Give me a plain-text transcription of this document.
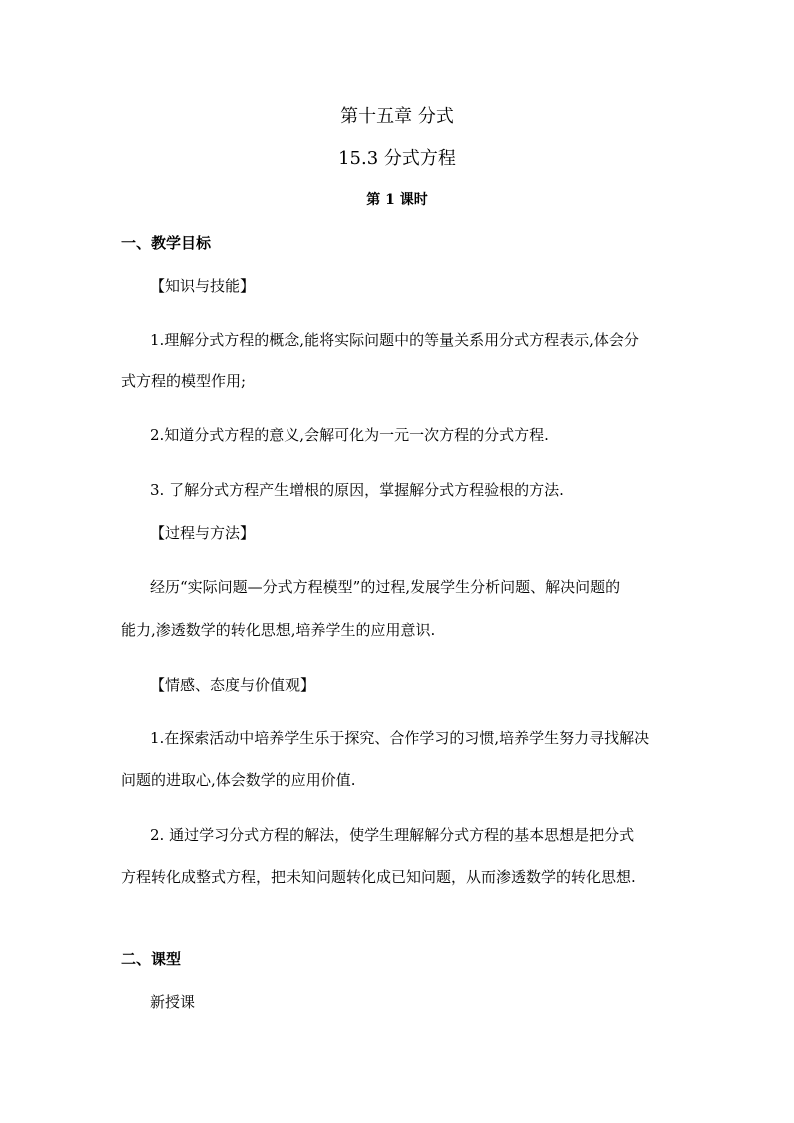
第十五章 分式
15.3 分式方程
第 1 课时
一、教学目标
【知识与技能】
1.理解分式方程的概念,能将实际问题中的等量关系用分式方程表示,体会分
式方程的模型作用;
2.知道分式方程的意义,会解可化为一元一次方程的分式方程.
3. 了解分式方程产生增根的原因，掌握解分式方程验根的方法.
【过程与方法】
经历“实际问题—分式方程模型”的过程,发展学生分析问题、解决问题的
能力,渗透数学的转化思想,培养学生的应用意识.
【情感、态度与价值观】
1.在探索活动中培养学生乐于探究、合作学习的习惯,培养学生努力寻找解决
问题的进取心,体会数学的应用价值.
2. 通过学习分式方程的解法，使学生理解解分式方程的基本思想是把分式
方程转化成整式方程，把未知问题转化成已知问题，从而渗透数学的转化思想.
二、课型
新授课
